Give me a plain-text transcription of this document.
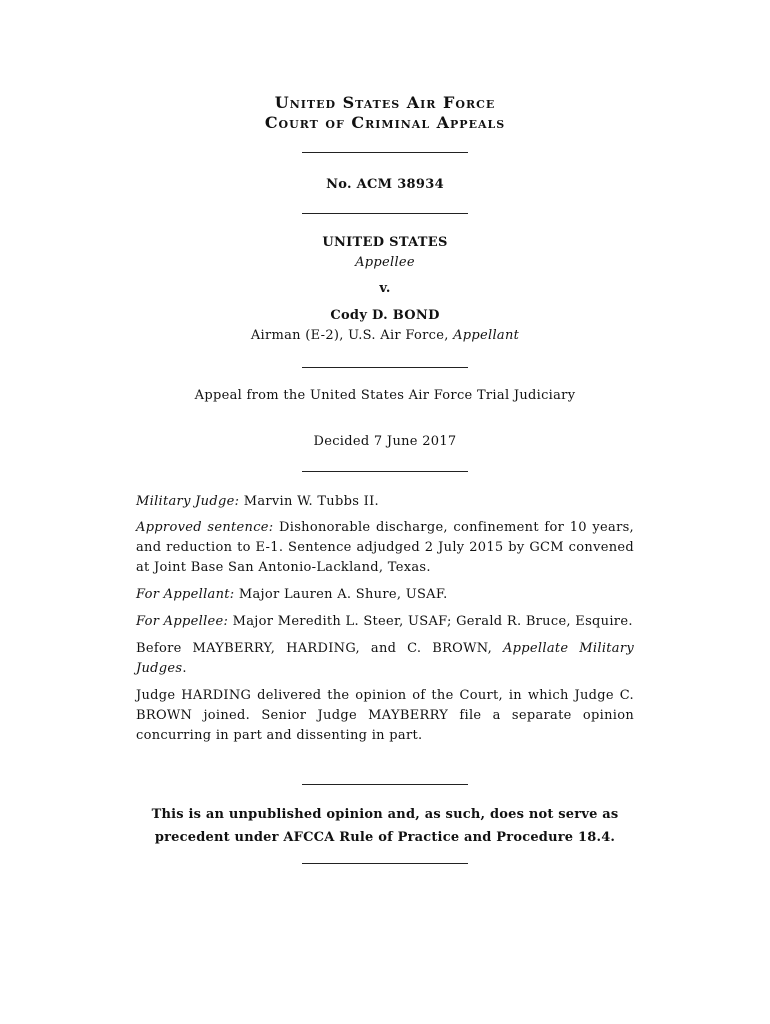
United States Air Force
Court of Criminal Appeals
No. ACM 38934
UNITED STATES
Appellee
v.
Cody D. BOND
Airman (E-2), U.S. Air Force, Appellant
Appeal from the United States Air Force Trial Judiciary
Decided 7 June 2017

Military Judge: Marvin W. Tubbs II.

Approved sentence: Dishonorable discharge, confinement for 10 years, and reduction to E-1. Sentence adjudged 2 July 2015 by GCM convened at Joint Base San Antonio-Lackland, Texas.

For Appellant: Major Lauren A. Shure, USAF.

For Appellee: Major Meredith L. Steer, USAF; Gerald R. Bruce, Esquire.

Before MAYBERRY, HARDING, and C. BROWN, Appellate Military Judges.

Judge HARDING delivered the opinion of the Court, in which Judge C. BROWN joined. Senior Judge MAYBERRY file a separate opinion concurring in part and dissenting in part.

This is an unpublished opinion and, as such, does not serve as
precedent under AFCCA Rule of Practice and Procedure 18.4.
